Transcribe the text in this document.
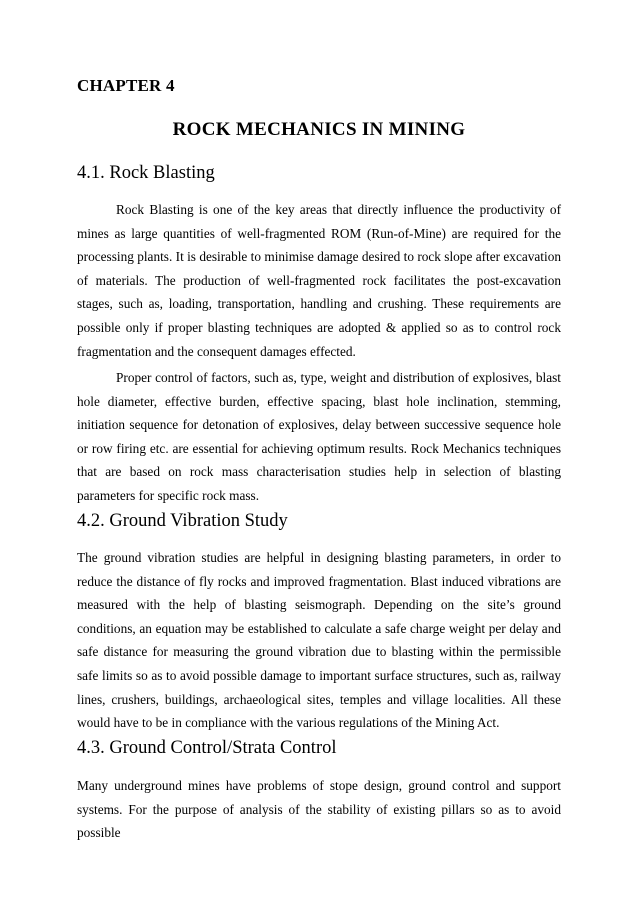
CHAPTER 4
ROCK MECHANICS IN MINING
4.1. Rock Blasting

Rock Blasting is one of the key areas that directly influence the productivity of mines as large quantities of well-fragmented ROM (Run-of-Mine) are required for the processing plants. It is desirable to minimise damage desired to rock slope after excavation of materials. The production of well-fragmented rock facilitates the post-excavation stages, such as, loading, transportation, handling and crushing. These requirements are possible only if proper blasting techniques are adopted & applied so as to control rock fragmentation and the consequent damages effected.

Proper control of factors, such as, type, weight and distribution of explosives, blast hole diameter, effective burden, effective spacing, blast hole inclination, stemming, initiation sequence for detonation of explosives, delay between successive sequence hole or row firing etc. are essential for achieving optimum results. Rock Mechanics techniques that are based on rock mass characterisation studies help in selection of blasting parameters for specific rock mass.

4.2. Ground Vibration Study

The ground vibration studies are helpful in designing blasting parameters, in order to reduce the distance of fly rocks and improved fragmentation. Blast induced vibrations are measured with the help of blasting seismograph. Depending on the site’s ground conditions, an equation may be established to calculate a safe charge weight per delay and safe distance for measuring the ground vibration due to blasting within the permissible safe limits so as to avoid possible damage to important surface structures, such as, railway lines, crushers, buildings, archaeological sites, temples and village localities. All these would have to be in compliance with the various regulations of the Mining Act.

4.3. Ground Control/Strata Control

Many underground mines have problems of stope design, ground control and support systems. For the purpose of analysis of the stability of existing pillars so as to avoid possible
